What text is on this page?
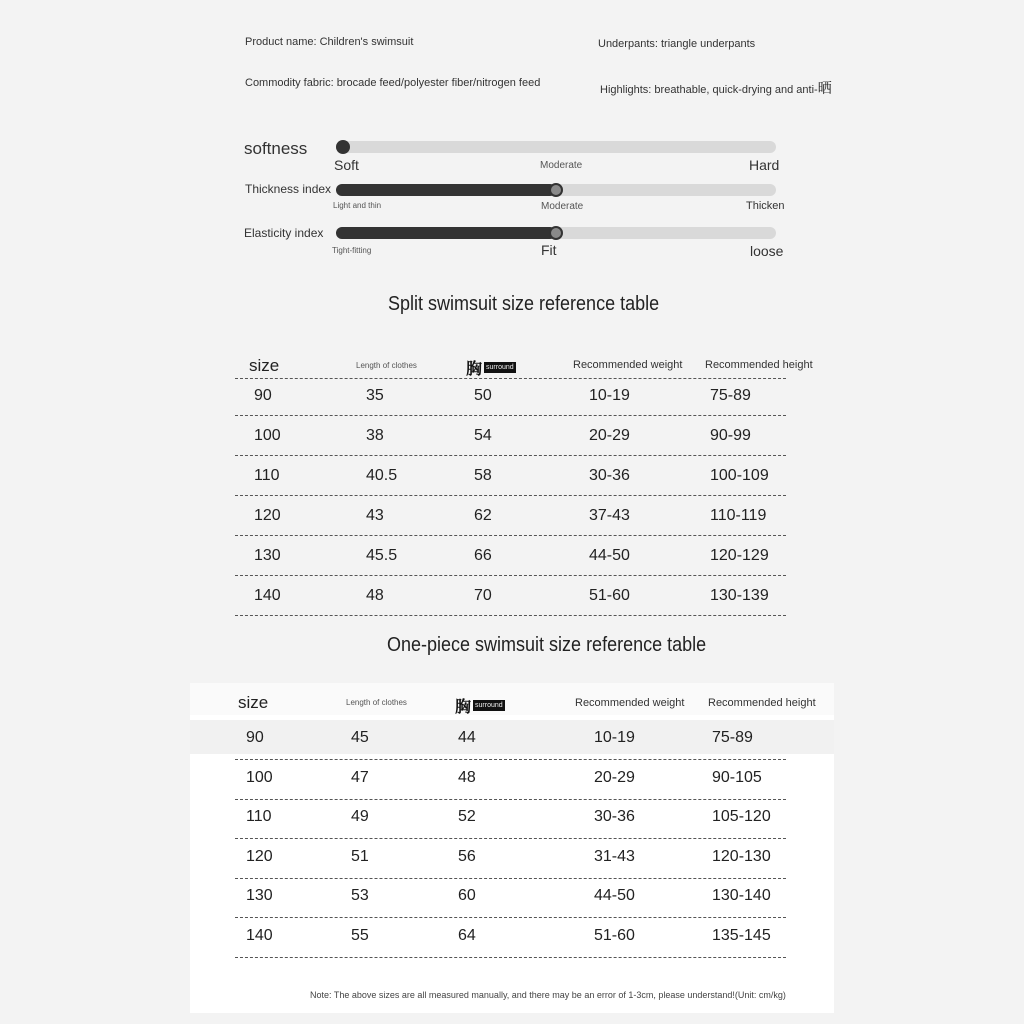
Product name: Children's swimsuit	Underpants: triangle underpants
Commodity fabric: brocade feed/polyester fiber/nitrogen feed
Highlights: breathable, quick-drying and anti-晒
softness
Thickness index
Elasticity index
Soft	Moderate	Hard
Light and thin	Moderate	Thicken
Tight-fitting	Fit	loose
Split swimsuit size reference table
size	Length of clothes	胸 surround	Recommended weight Recommended height
90	35	50	10-19	75-89
100	38	54	20-29	90-99
110	40.5	58	30-36	100-109
120	43	62	37-43	110-119
130	45.5	66	44-50	120-129
140	48	70	51-60	130-139
One-piece swimsuit size reference table
size	Length of clothes	胸 surround	Recommended weight Recommended height
90	45	44	10-19	75-89
100	47	48	20-29	90-105
110	49	52	30-36	105-120
120	51	56	31-43	120-130
130	53	60	44-50	130-140
140	55	64	51-60	135-145
Note: The above sizes are all measured manually, and there may be an error of 1-3cm, please understand!(Unit: cm/kg)
